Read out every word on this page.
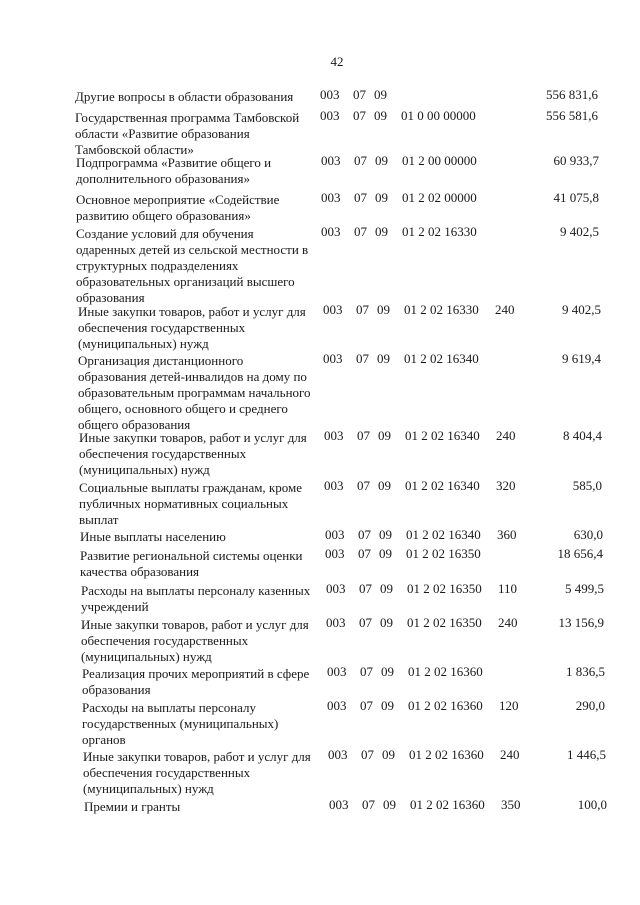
42
Другие вопросы в области образования	003 07 09	556 831,6
Государственная программа Тамбовской
области «Развитие образования
Тамбовской области»
003 07 09 01 0 00 00000	556 581,6
Подпрограмма «Развитие общего и
дополнительного образования»
003 07 09 01 2 00 00000	60 933,7
Основное мероприятие «Содействие
развитию общего образования»
003 07 09 01 2 02 00000	41 075,8
Создание условий для обучения
одаренных детей из сельской местности в
структурных подразделениях
образовательных организаций высшего
образования
003 07 09 01 2 02 16330	9 402,5
Иные закупки товаров, работ и услуг для
обеспечения государственных
(муниципальных) нужд
003 07 09 01 2 02 16330 240	9 402,5
Организация дистанционного
образования детей-инвалидов на дому по
образовательным программам начального
общего, основного общего и среднего
общего образования
003 07 09 01 2 02 16340	9 619,4
Иные закупки товаров, работ и услуг для
обеспечения государственных
(муниципальных) нужд
003 07 09 01 2 02 16340 240	8 404,4
Социальные выплаты гражданам, кроме
публичных нормативных социальных
выплат
003 07 09 01 2 02 16340 320	585,0
Иные выплаты населению	003 07 09 01 2 02 16340 360	630,0
Развитие региональной системы оценки
качества образования
003 07 09 01 2 02 16350	18 656,4
Расходы на выплаты персоналу казенных
учреждений
003 07 09 01 2 02 16350 110	5 499,5
Иные закупки товаров, работ и услуг для
обеспечения государственных
(муниципальных) нужд
003 07 09 01 2 02 16350 240	13 156,9
Реализация прочих мероприятий в сфере
образования
003 07 09 01 2 02 16360	1 836,5
Расходы на выплаты персоналу
государственных (муниципальных)
органов
003 07 09 01 2 02 16360 120	290,0
Иные закупки товаров, работ и услуг для
обеспечения государственных
(муниципальных) нужд
003 07 09 01 2 02 16360 240	1 446,5
Премии и гранты	003 07 09 01 2 02 16360 350	100,0
